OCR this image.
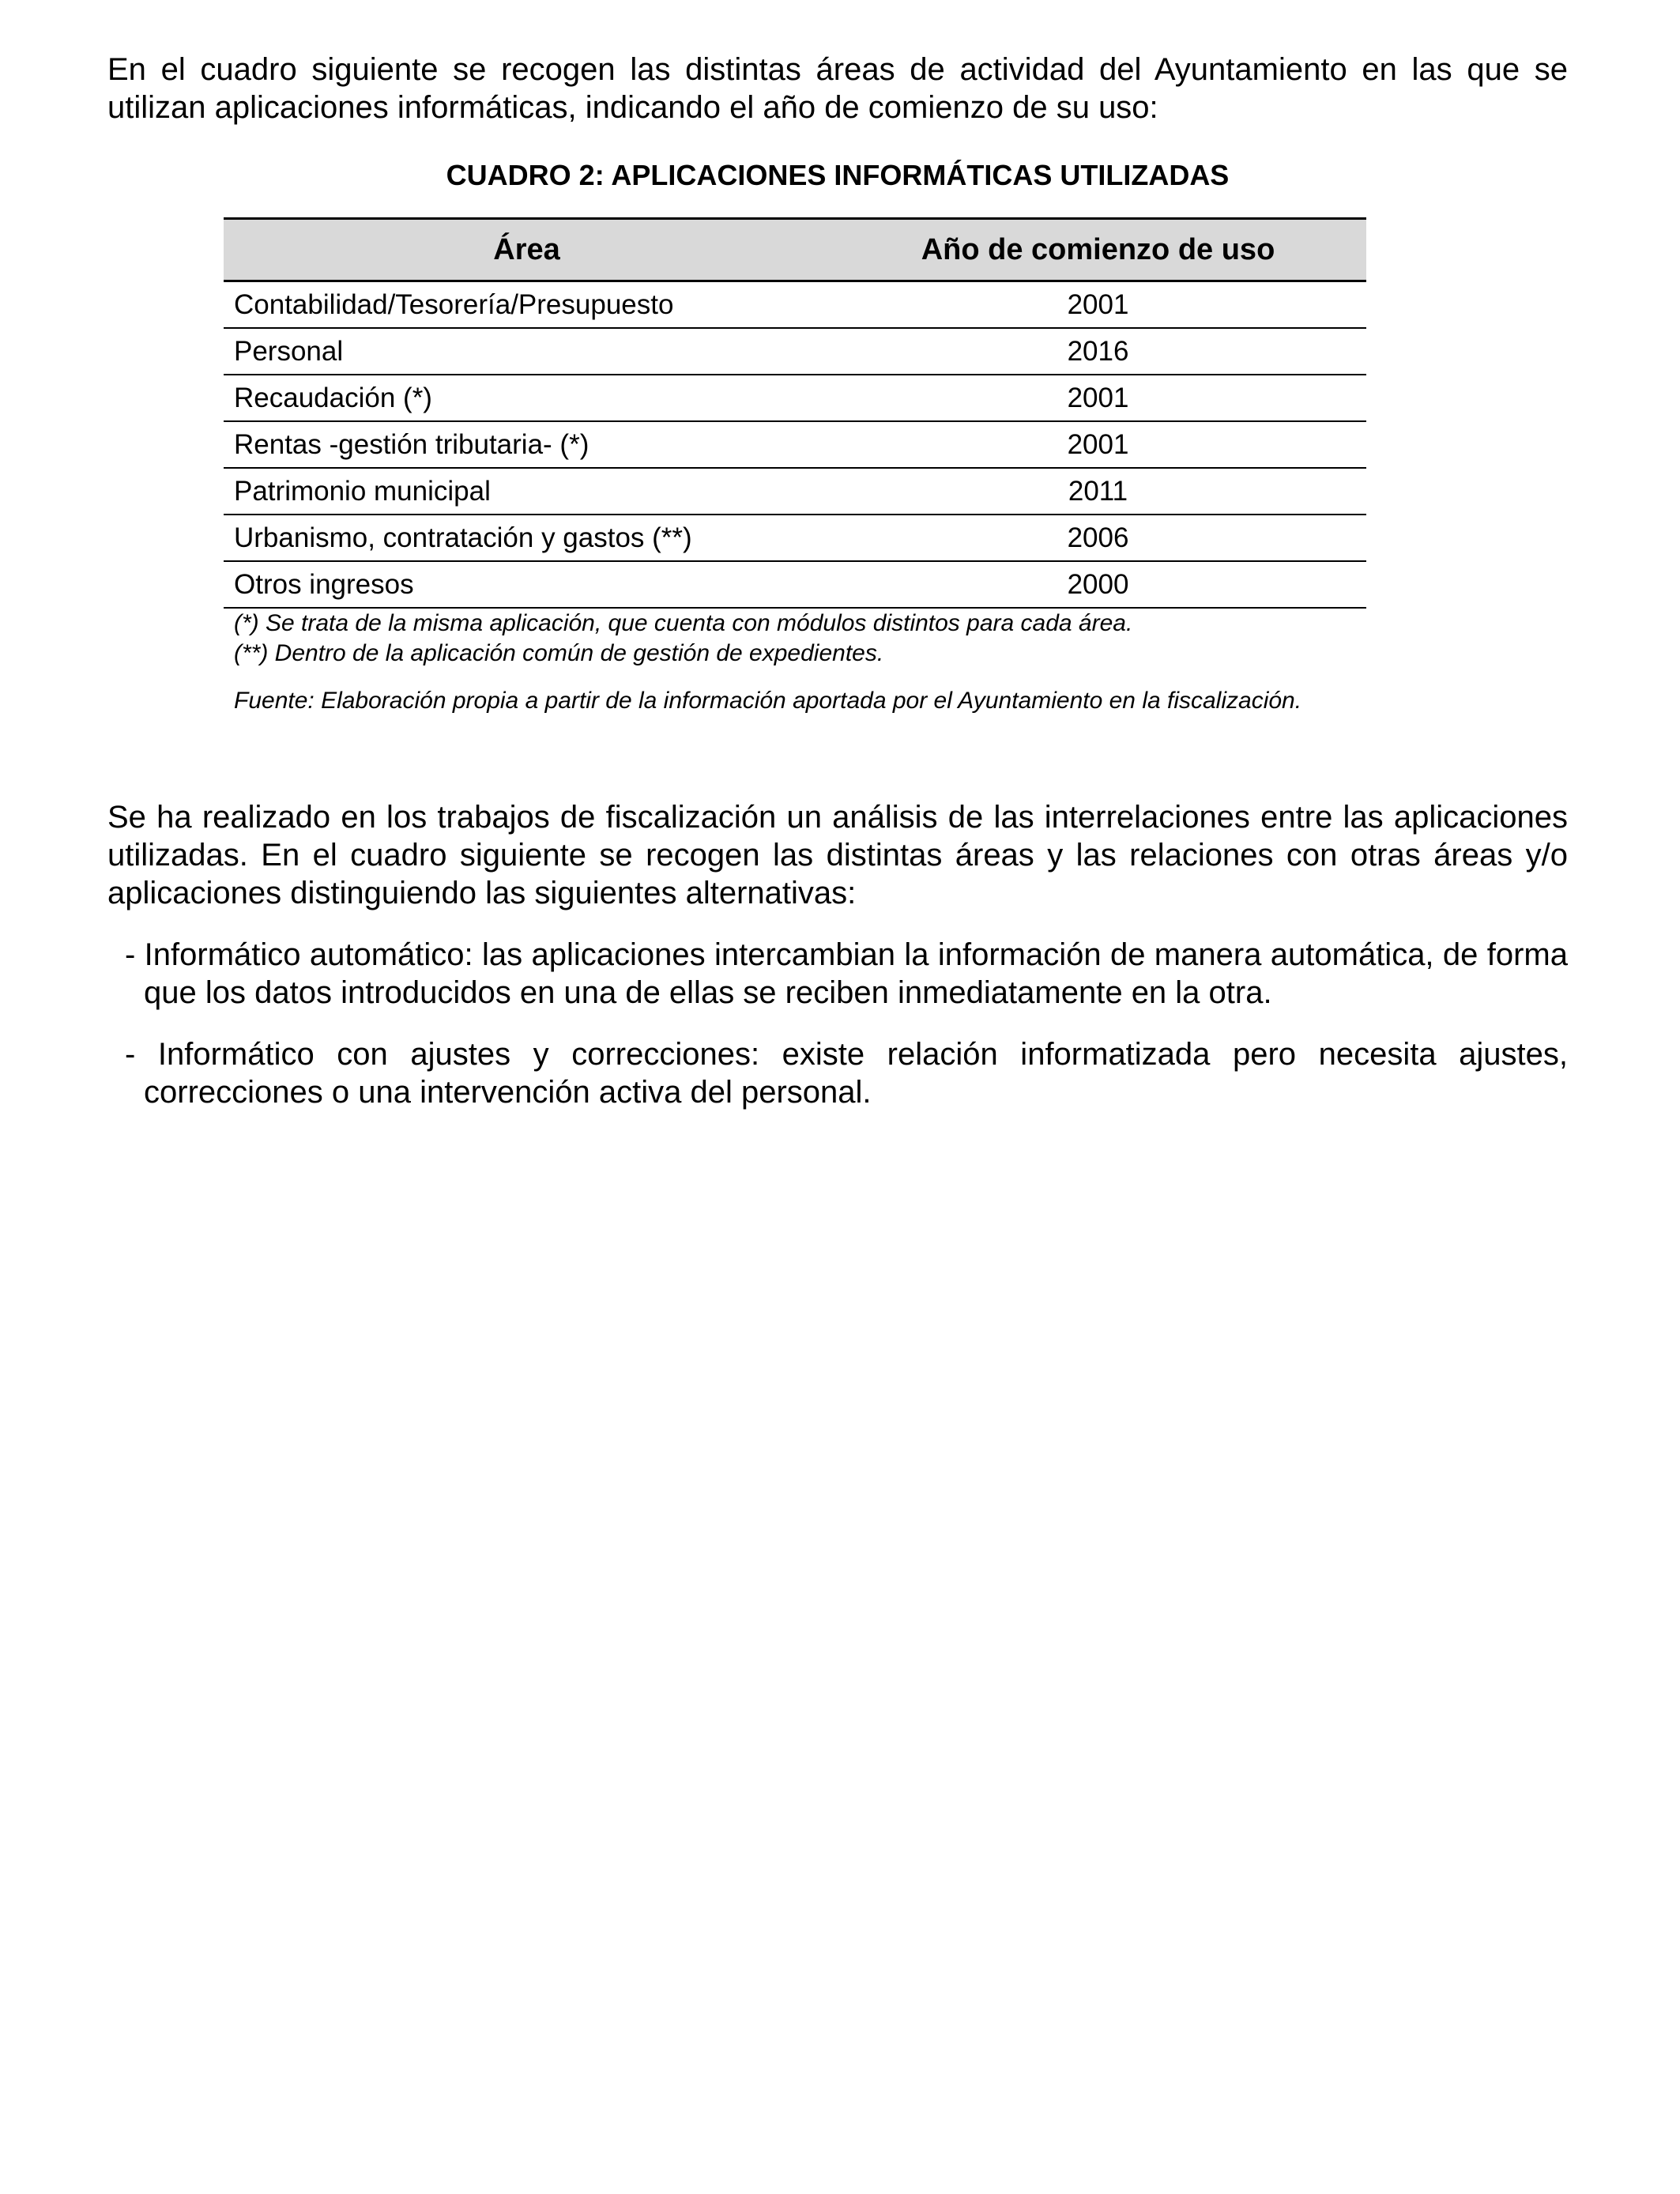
En el cuadro siguiente se recogen las distintas áreas de actividad del Ayuntamiento en las que se utilizan aplicaciones informáticas, indicando el año de comienzo de su uso:

CUADRO 2: APLICACIONES INFORMÁTICAS UTILIZADAS

Área	Año de comienzo de uso
Contabilidad/Tesorería/Presupuesto	2001
Personal	2016
Recaudación (*)	2001
Rentas -gestión tributaria- (*)	2001
Patrimonio municipal	2011
Urbanismo, contratación y gastos (**)	2006
Otros ingresos	2000

(*) Se trata de la misma aplicación, que cuenta con módulos distintos para cada área.

(**) Dentro de la aplicación común de gestión de expedientes.

Fuente: Elaboración propia a partir de la información aportada por el Ayuntamiento en la fiscalización.

Se ha realizado en los trabajos de fiscalización un análisis de las interrelaciones entre las aplicaciones utilizadas. En el cuadro siguiente se recogen las distintas áreas y las relaciones con otras áreas y/o aplicaciones distinguiendo las siguientes alternativas:

- Informático automático: las aplicaciones intercambian la información de manera automática, de forma que los datos introducidos en una de ellas se reciben inmediatamente en la otra.

- Informático con ajustes y correcciones: existe relación informatizada pero necesita ajustes, correcciones o una intervención activa del personal.
